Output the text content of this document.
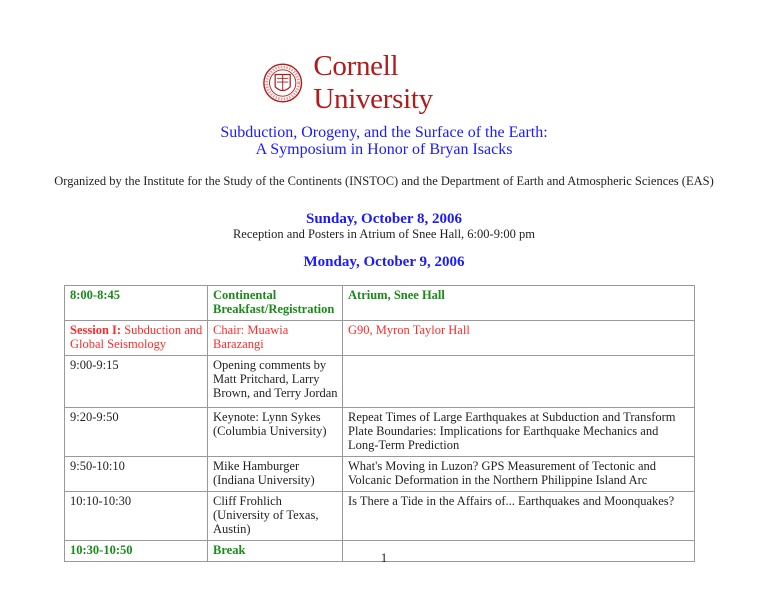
Cornell University
Subduction, Orogeny, and the Surface of the Earth:
A Symposium in Honor of Bryan Isacks
Organized by the Institute for the Study of the Continents (INSTOC) and the Department of Earth and Atmospheric Sciences (EAS)
Sunday, October 8, 2006
Reception and Posters in Atrium of Snee Hall, 6:00-9:00 pm
Monday, October 9, 2006
8:00-8:45	Continental Breakfast/Registration	Atrium, Snee Hall
Session I: Subduction and Global Seismology	Chair: Muawia Barazangi	G90, Myron Taylor Hall
9:00-9:15	Opening comments by Matt Pritchard, Larry Brown, and Terry Jordan	
9:20-9:50	Keynote: Lynn Sykes (Columbia University)	Repeat Times of Large Earthquakes at Subduction and Transform Plate Boundaries: Implications for Earthquake Mechanics and Long-Term Prediction
9:50-10:10	Mike Hamburger (Indiana University)	What's Moving in Luzon? GPS Measurement of Tectonic and Volcanic Deformation in the Northern Philippine Island Arc
10:10-10:30	Cliff Frohlich (University of Texas, Austin)	Is There a Tide in the Affairs of... Earthquakes and Moonquakes?
10:30-10:50	Break		1
